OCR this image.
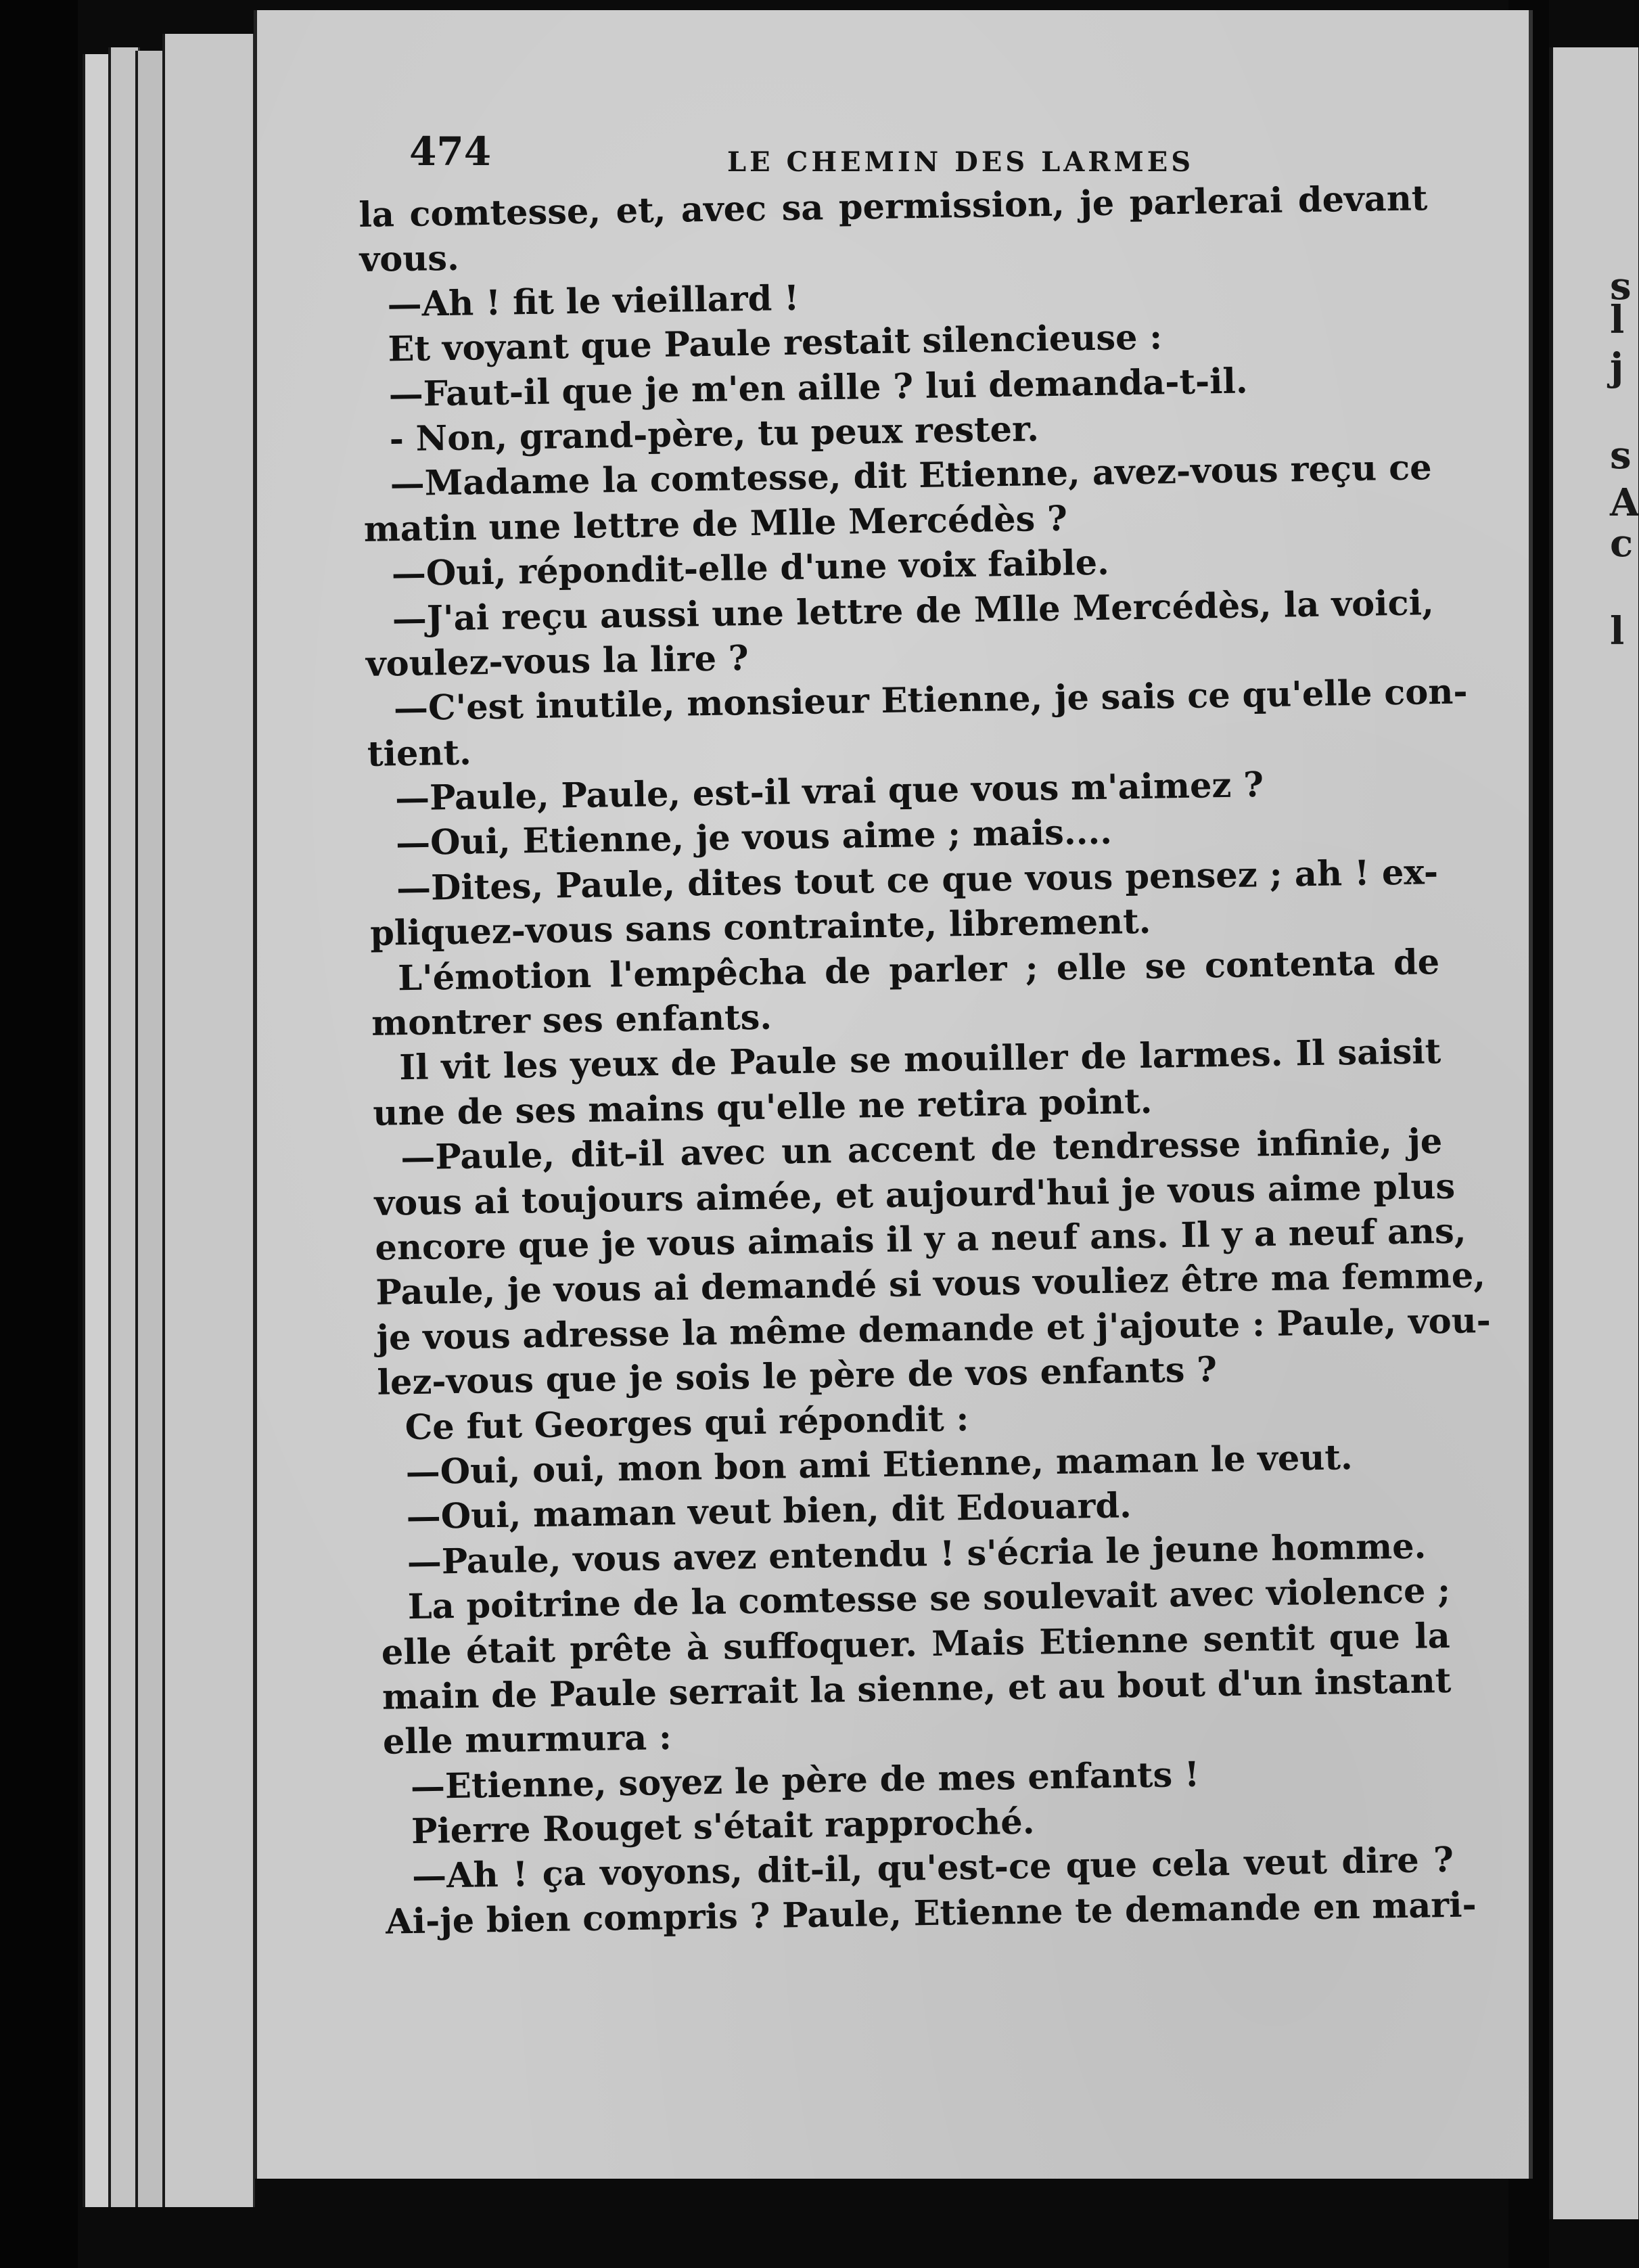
s
l
j
s
A
c
l
474	LE CHEMIN DES LARMES
la comtesse, et, avec sa permission, je parlerai devant
vous.
—Ah ! fit le vieillard !
Et voyant que Paule restait silencieuse :
—Faut-il que je m'en aille ? lui demanda-t-il.
- Non, grand-père, tu peux rester.
—Madame la comtesse, dit Etienne, avez-vous reçu ce
matin une lettre de Mlle Mercédès ?
—Oui, répondit-elle d'une voix faible.
—J'ai reçu aussi une lettre de Mlle Mercédès, la voici,
voulez-vous la lire ?
—C'est inutile, monsieur Etienne, je sais ce qu'elle con-
tient.
—Paule, Paule, est-il vrai que vous m'aimez ?
—Oui, Etienne, je vous aime ; mais....
—Dites, Paule, dites tout ce que vous pensez ; ah ! ex-
pliquez-vous sans contrainte, librement.
L'émotion l'empêcha de parler ; elle se contenta de
montrer ses enfants.
Il vit les yeux de Paule se mouiller de larmes. Il saisit
une de ses mains qu'elle ne retira point.
—Paule, dit-il avec un accent de tendresse infinie, je
vous ai toujours aimée, et aujourd'hui je vous aime plus
encore que je vous aimais il y a neuf ans. Il y a neuf ans,
Paule, je vous ai demandé si vous vouliez être ma femme,
je vous adresse la même demande et j'ajoute : Paule, vou-
lez-vous que je sois le père de vos enfants ?
Ce fut Georges qui répondit :
—Oui, oui, mon bon ami Etienne, maman le veut.
—Oui, maman veut bien, dit Edouard.
—Paule, vous avez entendu ! s'écria le jeune homme.
La poitrine de la comtesse se soulevait avec violence ;
elle était prête à suffoquer. Mais Etienne sentit que la
main de Paule serrait la sienne, et au bout d'un instant
elle murmura :
—Etienne, soyez le père de mes enfants !
Pierre Rouget s'était rapproché.
—Ah ! ça voyons, dit-il, qu'est-ce que cela veut dire ?
Ai-je bien compris ? Paule, Etienne te demande en mari-
